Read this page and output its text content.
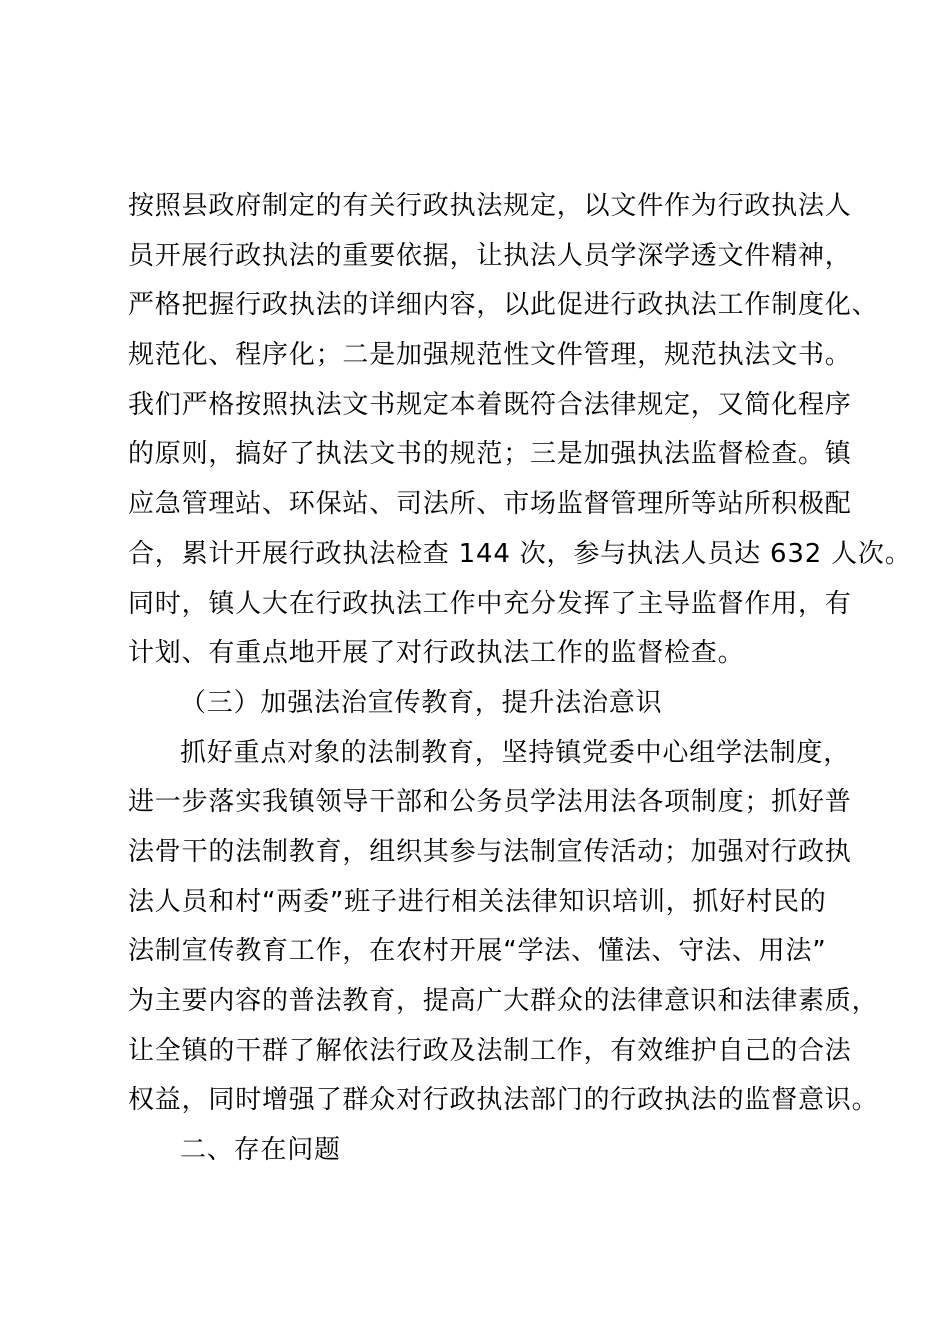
按照县政府制定的有关行政执法规定，以文件作为行政执法人
员开展行政执法的重要依据，让执法人员学深学透文件精神，
严格把握行政执法的详细内容，以此促进行政执法工作制度化、
规范化、程序化；二是加强规范性文件管理，规范执法文书。
我们严格按照执法文书规定本着既符合法律规定，又简化程序
的原则，搞好了执法文书的规范；三是加强执法监督检查。镇
应急管理站、环保站、司法所、市场监督管理所等站所积极配
合，累计开展行政执法检查 144 次，参与执法人员达 632 人次。
同时，镇人大在行政执法工作中充分发挥了主导监督作用，有
计划、有重点地开展了对行政执法工作的监督检查。
（三）加强法治宣传教育，提升法治意识
抓好重点对象的法制教育，坚持镇党委中心组学法制度，
进一步落实我镇领导干部和公务员学法用法各项制度；抓好普
法骨干的法制教育，组织其参与法制宣传活动；加强对行政执
法人员和村“两委”班子进行相关法律知识培训，抓好村民的
法制宣传教育工作，在农村开展“学法、懂法、守法、用法”
为主要内容的普法教育，提高广大群众的法律意识和法律素质，
让全镇的干群了解依法行政及法制工作，有效维护自己的合法
权益，同时增强了群众对行政执法部门的行政执法的监督意识。
二、存在问题
